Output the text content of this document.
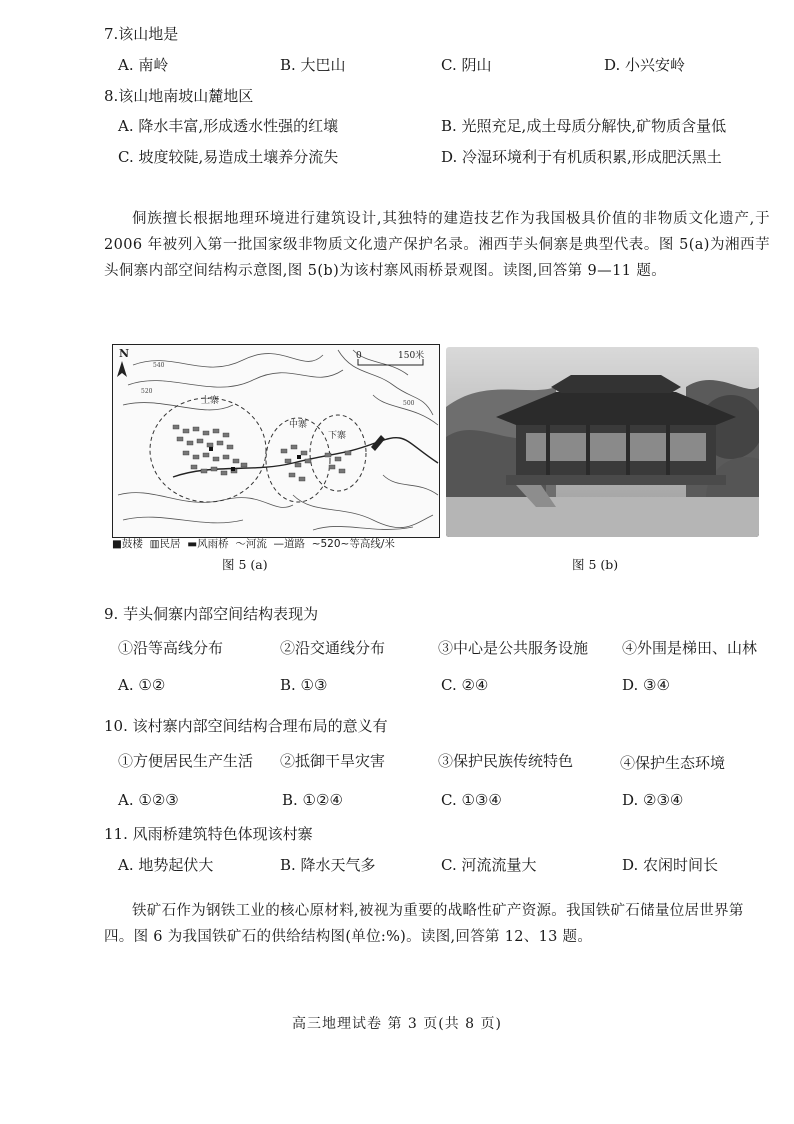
7.该山地是
A. 南岭	B. 大巴山	C. 阴山	D. 小兴安岭
8.该山地南坡山麓地区
A. 降水丰富,形成透水性强的红壤	B. 光照充足,成土母质分解快,矿物质含量低
C. 坡度较陡,易造成土壤养分流失	D. 冷湿环境利于有机质积累,形成肥沃黑土
侗族擅长根据地理环境进行建筑设计,其独特的建造技艺作为我国极具价值的非物质文化遗产,于 2006 年被列入第一批国家级非物质文化遗产保护名录。湘西芋头侗寨是典型代表。图 5(a)为湘西芋头侗寨内部空间结构示意图,图 5(b)为该村寨风雨桥景观图。读图,回答第 9—11 题。
0	150米
N
540
520
500
上寨
中寨
下寨
■鼓楼 ▥民居 ▬风雨桥 〜河流 —道路 ~520~等高线/米
图 5 (a)	图 5 (b)
9. 芋头侗寨内部空间结构表现为
①沿等高线分布	②沿交通线分布	③中心是公共服务设施 ④外围是梯田、山林
A. ①②	B. ①③	C. ②④	D. ③④
10. 该村寨内部空间结构合理布局的意义有
①方便居民生产生活 ②抵御干旱灾害	③保护民族传统特色	④保护生态环境
A. ①②③	B. ①②④	C. ①③④	D. ②③④
11. 风雨桥建筑特色体现该村寨
A. 地势起伏大	B. 降水天气多	C. 河流流量大	D. 农闲时间长
铁矿石作为钢铁工业的核心原材料,被视为重要的战略性矿产资源。我国铁矿石储量位居世界第四。图 6 为我国铁矿石的供给结构图(单位:%)。读图,回答第 12、13 题。
高三地理试卷 第 3 页(共 8 页)
